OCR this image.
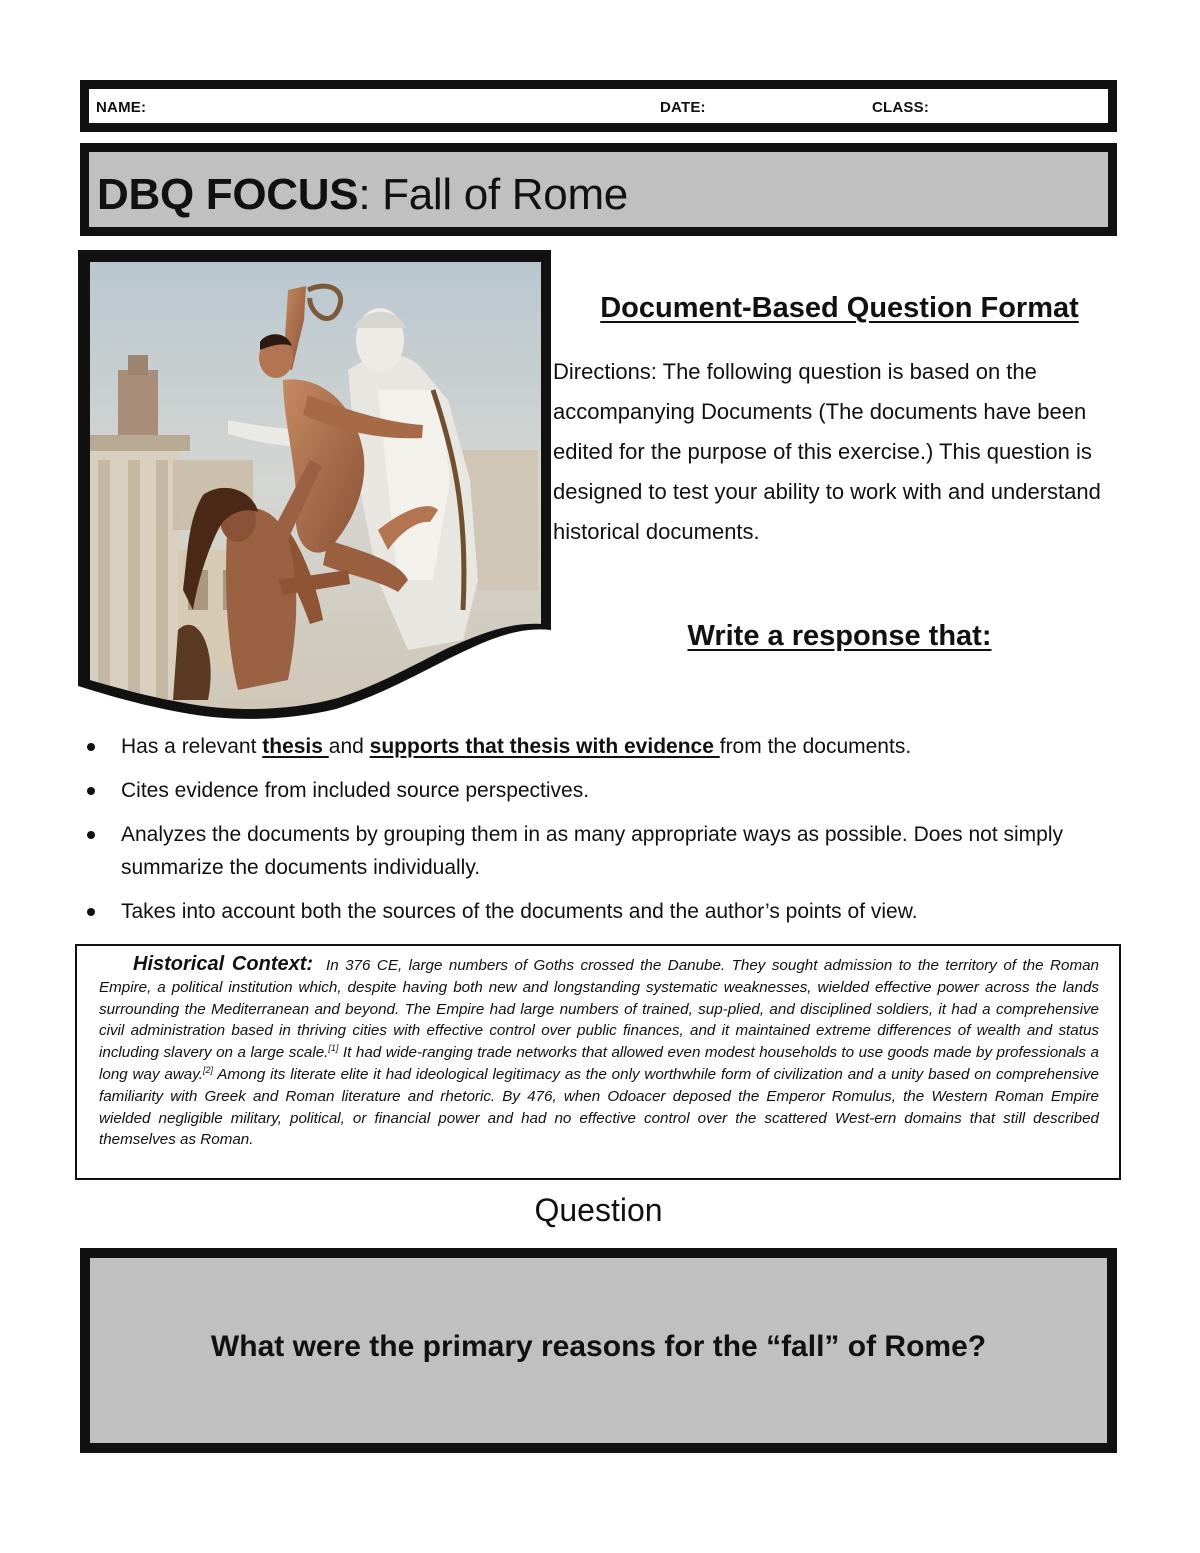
NAME:	DATE:	CLASS:
DBQ FOCUS: Fall of Rome
Document-Based Question Format
Directions: The following question is based on the accompanying Documents (The documents have been edited for the purpose of this exercise.) This question is designed to test your ability to work with and understand historical documents.
Write a response that:
Has a relevant thesis and supports that thesis with evidence from the documents.
Cites evidence from included source perspectives.
Analyzes the documents by grouping them in as many appropriate ways as possible. Does not simply summarize the documents individually.
Takes into account both the sources of the documents and the author’s points of view.
Historical Context: In 376 CE, large numbers of Goths crossed the Danube. They sought admission to the territory of the Roman Empire, a political institution which, despite having both new and longstanding systematic weaknesses, wielded effective power across the lands surrounding the Mediterranean and beyond. The Empire had large numbers of trained, sup-plied, and disciplined soldiers, it had a comprehensive civil administration based in thriving cities with effective control over public finances, and it maintained extreme differences of wealth and status including slavery on a large scale.[1] It had wide-ranging trade networks that allowed even modest households to use goods made by professionals a long way away.[2] Among its literate elite it had ideological legitimacy as the only worthwhile form of civilization and a unity based on comprehensive familiarity with Greek and Roman literature and rhetoric. By 476, when Odoacer deposed the Emperor Romulus, the Western Roman Empire wielded negligible military, political, or financial power and had no effective control over the scattered West-ern domains that still described themselves as Roman.
Question
What were the primary reasons for the “fall” of Rome?
